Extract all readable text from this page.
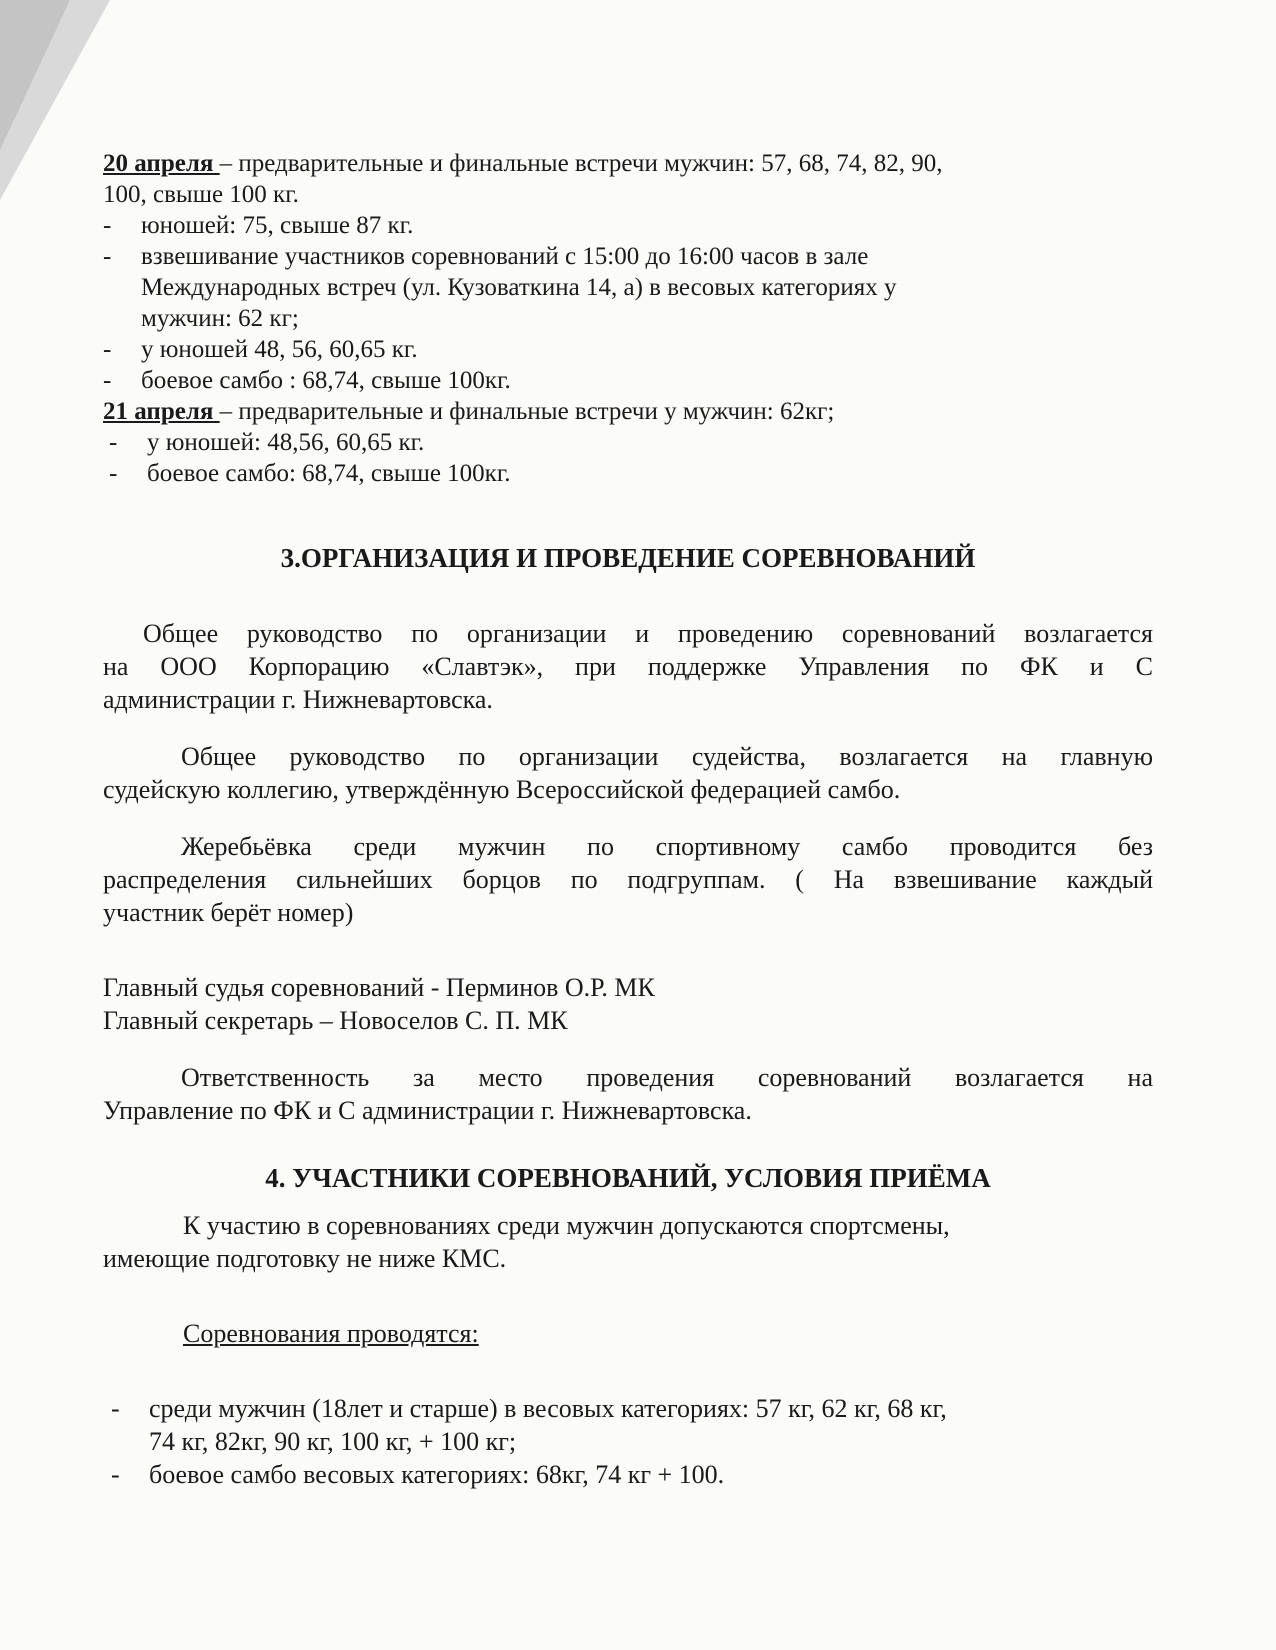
20 апреля – предварительные и финальные встречи мужчин: 57, 68, 74, 82, 90,
100, свыше 100 кг.
- юношей: 75, свыше 87 кг.
- взвешивание участников соревнований с 15:00 до 16:00 часов в зале
Международных встреч (ул. Кузоваткина 14, а) в весовых категориях у
мужчин: 62 кг;
- у юношей 48, 56, 60,65 кг.
- боевое самбо : 68,74, свыше 100кг.
21 апреля – предварительные и финальные встречи у мужчин: 62кг;
- у юношей: 48,56, 60,65 кг.
- боевое самбо: 68,74, свыше 100кг.
3.ОРГАНИЗАЦИЯ И ПРОВЕДЕНИЕ СОРЕВНОВАНИЙ
Общее руководство по организации и проведению соревнований возлагается
на ООО Корпорацию «Славтэк», при поддержке Управления по ФК и С
администрации г. Нижневартовска.
Общее руководство по организации судейства, возлагается на главную
судейскую коллегию, утверждённую Всероссийской федерацией самбо.
Жеребьёвка среди мужчин по спортивному самбо проводится без
распределения сильнейших борцов по подгруппам. ( На взвешивание каждый
участник берёт номер)
Главный судья соревнований - Перминов О.Р. МК
Главный секретарь – Новоселов С. П. МК
Ответственность за место проведения соревнований возлагается на
Управление по ФК и С администрации г. Нижневартовска.
4. УЧАСТНИКИ СОРЕВНОВАНИЙ, УСЛОВИЯ ПРИЁМА
К участию в соревнованиях среди мужчин допускаются спортсмены,
имеющие подготовку не ниже КМС.
Соревнования проводятся:
- среди мужчин (18лет и старше) в весовых категориях: 57 кг, 62 кг, 68 кг,
74 кг, 82кг, 90 кг, 100 кг, + 100 кг;
- боевое самбо весовых категориях: 68кг, 74 кг + 100.
